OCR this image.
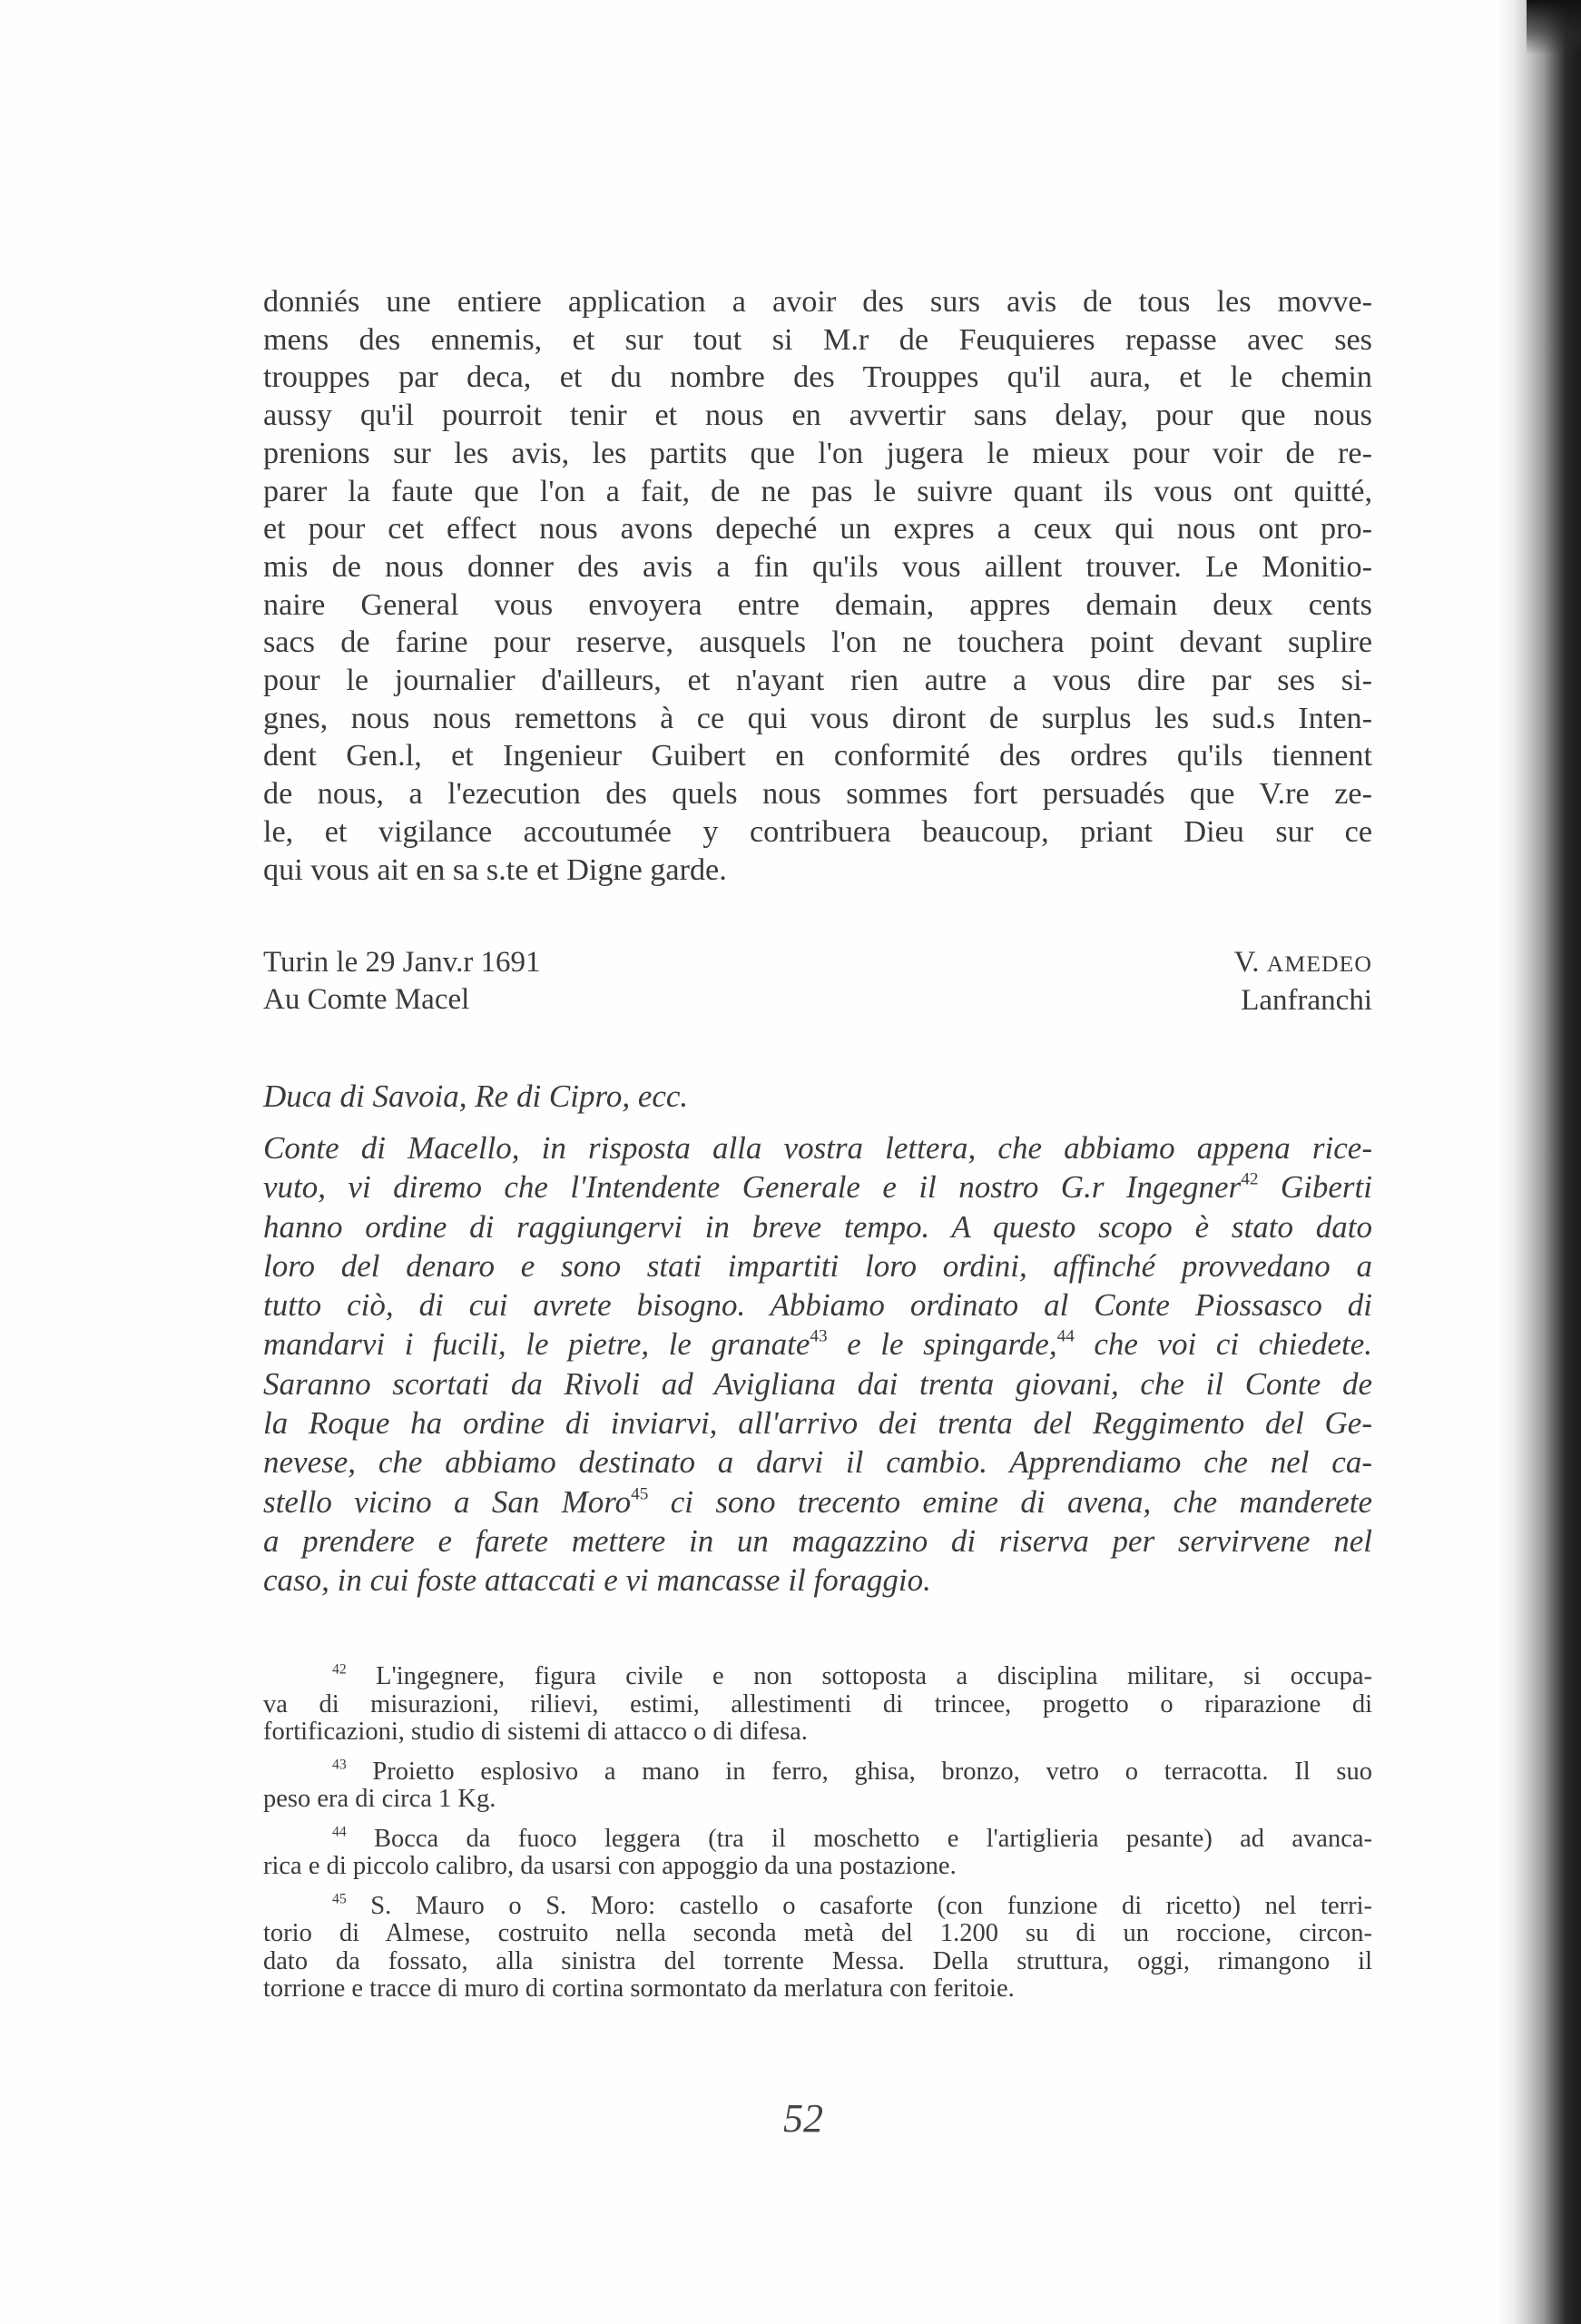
donniés une entiere application a avoir des surs avis de tous les movve-
mens des ennemis, et sur tout si M.r de Feuquieres repasse avec ses
trouppes par deca, et du nombre des Trouppes qu'il aura, et le chemin
aussy qu'il pourroit tenir et nous en avvertir sans delay, pour que nous
prenions sur les avis, les partits que l'on jugera le mieux pour voir de re-
parer la faute que l'on a fait, de ne pas le suivre quant ils vous ont quitté,
et pour cet effect nous avons depeché un expres a ceux qui nous ont pro-
mis de nous donner des avis a fin qu'ils vous aillent trouver. Le Monitio-
naire General vous envoyera entre demain, appres demain deux cents
sacs de farine pour reserve, ausquels l'on ne touchera point devant suplire
pour le journalier d'ailleurs, et n'ayant rien autre a vous dire par ses si-
gnes, nous nous remettons à ce qui vous diront de surplus les sud.s Inten-
dent Gen.l, et Ingenieur Guibert en conformité des ordres qu'ils tiennent
de nous, a l'ezecution des quels nous sommes fort persuadés que V.re ze-
le, et vigilance accoutumée y contribuera beaucoup, priant Dieu sur ce
qui vous ait en sa s.te et Digne garde.

Turin le 29 Janv.r 1691
Au Comte Macel
V. AMEDEO
Lanfranchi

Duca di Savoia, Re di Cipro, ecc.

Conte di Macello, in risposta alla vostra lettera, che abbiamo appena rice-
vuto, vi diremo che l'Intendente Generale e il nostro G.r Ingegner$^{42}$ Giberti
hanno ordine di raggiungervi in breve tempo. A questo scopo è stato dato
loro del denaro e sono stati impartiti loro ordini, affinché provvedano a
tutto ciò, di cui avrete bisogno. Abbiamo ordinato al Conte Piossasco di
mandarvi i fucili, le pietre, le granate$^{43}$ e le spingarde,$^{44}$ che voi ci chiedete.
Saranno scortati da Rivoli ad Avigliana dai trenta giovani, che il Conte de
la Roque ha ordine di inviarvi, all'arrivo dei trenta del Reggimento del Ge-
nevese, che abbiamo destinato a darvi il cambio. Apprendiamo che nel ca-
stello vicino a San Moro$^{45}$ ci sono trecento emine di avena, che manderete
a prendere e farete mettere in un magazzino di riserva per servirvene nel
caso, in cui foste attaccati e vi mancasse il foraggio.

$^{42}$ L'ingegnere, figura civile e non sottoposta a disciplina militare, si occupa-
va di misurazioni, rilievi, estimi, allestimenti di trincee, progetto o riparazione di
fortificazioni, studio di sistemi di attacco o di difesa.
$^{43}$ Proietto esplosivo a mano in ferro, ghisa, bronzo, vetro o terracotta. Il suo
peso era di circa 1 Kg.
$^{44}$ Bocca da fuoco leggera (tra il moschetto e l'artiglieria pesante) ad avanca-
rica e di piccolo calibro, da usarsi con appoggio da una postazione.
$^{45}$ S. Mauro o S. Moro: castello o casaforte (con funzione di ricetto) nel terri-
torio di Almese, costruito nella seconda metà del 1.200 su di un roccione, circon-
dato da fossato, alla sinistra del torrente Messa. Della struttura, oggi, rimangono il
torrione e tracce di muro di cortina sormontato da merlatura con feritoie.
52
